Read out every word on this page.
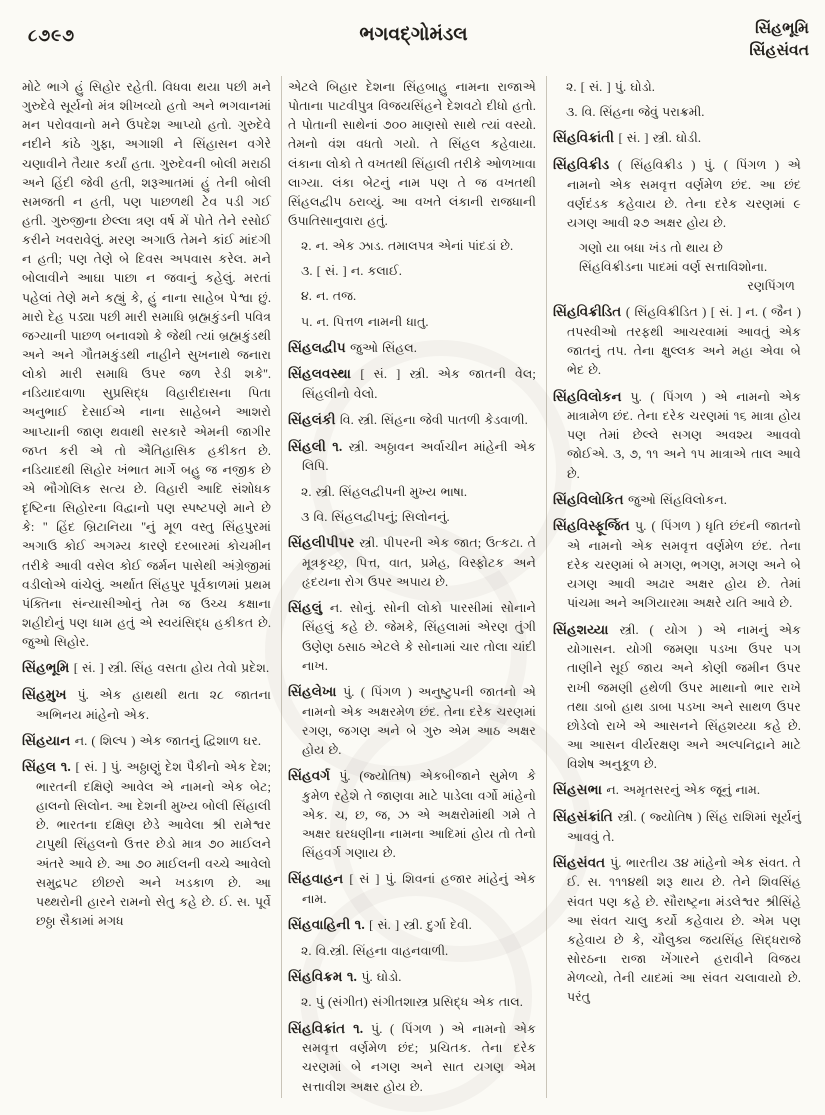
૮૭૯૭	ભગવદ્ગોમંડલ	સિંહભૂમિ
સિંહસંવત
મોટે ભાગે હું સિહોર રહેતી. વિધવા થયા પછી મને ગુરુદેવે સૂર્યનો મંત્ર શીખવ્યો હતો અને ભગવાનમાં મન પરોવવાનો મને ઉપદેશ આપ્યો હતો. ગુરુદેવે નદીને કાંઠે ગુફા, અગાશી ને સિંહાસન વગેરે ચણાવીને તૈયાર કર્યાં હતા. ગુરુદેવની બોલી મરાઠી અને હિંદી જેવી હતી, શરૂઆતમાં હું તેની બોલી સમજતી ન હતી, પણ પાછળથી ટેવ પડી ગઈ હતી. ગુરુજીના છેલ્લા ત્રણ વર્ષ મેં પોતે તેને રસોઈ કરીને ખવરાવેલું. મરણ અગાઉ તેમને કાંઈ માંદગી ન હતી; પણ તેણે બે દિવસ અપવાસ કરેલ. મને બોલાવીને આઘા પાછા ન જવાનું કહેલું. મરતાં પહેલાં તેણે મને કહ્યું કે, હું નાના સાહેબ પેશ્વા છું. મારો દેહ પડ્યા પછી મારી સમાધિ બ્રહ્મકુંડની પવિત્ર જગ્યાની પાછળ બનાવશો કે જેથી ત્યાં બ્રહ્મકુંડથી અને અને ગૌતમકુંડથી નાહીને સુખનાથે જનારા લોકો મારી સમાધિ ઉપર જળ રેડી શકે''. નડિયાદવાળા સુપ્રસિદ્ધ વિહારીદાસના પિતા અનુભાઈ દેસાઈએ નાના સાહેબને આશરો આપ્યાની જાણ થવાથી સરકારે એમની જાગીર જપ્ત કરી એ તો ઐતિહાસિક હકીકત છે. નડિયાદથી સિહોર ખંભાત માર્ગે બહુ જ નજીક છે એ ભૌગોલિક સત્ય છે. વિહારી આદિ સંશોધક દૃષ્ટિના સિહોરના વિદ્વાનો પણ સ્પષ્ટપણે માને છે કે: '' હિંદ બ્રિટાનિયા ''નું મૂળ વસ્તુ સિંહપુરમાં અગાઉ કોઈ અગમ્ય કારણે દરબારમાં કોચમીન તરીકે આવી વસેલ કોઈ જર્મન પાસેથી અંગ્રેજીમાં વડીલોએ વાંચેલું. અર્થાત સિંહપુર પૂર્વકાળમાં પ્રથમ પંક્તિના સંન્યાસીઓનું તેમ જ ઉચ્ચ કક્ષાના શહીદોનું પણ ધામ હતું એ સ્વયંસિદ્ધ હકીકત છે. જુઓ સિહોર.
સિંહભૂમિ [ સં. ] સ્ત્રી. સિંહ વસતા હોય તેવો પ્રદેશ.
સિંહમુખ પું. એક હાથથી થતા ૨૮ જાતના અભિનય માંહેનો એક.
સિંહયાન ન. ( શિલ્પ ) એક જાતનું દ્વિશાળ ઘર.
સિંહલ ૧. [ સં. ] પું. અઠ્ઠાણું દેશ પૈકીનો એક દેશ; ભારતની દક્ષિણે આવેલ એ નામનો એક બેટ; હાલનો સિલોન. આ દેશની મુખ્ય બોલી સિંહાલી છે. ભારતના દક્ષિણ છેડે આવેલા શ્રી રામેશ્વર ટાપુથી સિંહલનો ઉત્તર છેડો માત્ર ૭૦ માઈલને અંતરે આવે છે. આ ૭૦ માઈલની વચ્ચે આવેલો સમુદ્રપટ છીછરો અને ખડકાળ છે. આ પથ્થરોની હારને રામનો સેતુ કહે છે. ઈ. સ. પૂર્વે છઠ્ઠા સૈકામાં મગધ
એટલે બિહાર દેશના સિંહબાહુ નામના રાજાએ પોતાના પાટવીપુત્ર વિજયસિંહને દેશવટો દીધો હતો. તે પોતાની સાથેનાં ૭૦૦ માણસો સાથે ત્યાં વસ્યો. તેમનો વંશ વધતો ગયો. તે સિંહલ કહેવાયા. લંકાના લોકો તે વખતથી સિંહાલી તરીકે ઓળખાવા લાગ્યા. લંકા બેટનું નામ પણ તે જ વખતથી સિંહલદ્વીપ ઠરાવ્યું. આ વખતે લંકાની રાજધાની ઉપાતિસાનુવારા હતું.
૨. ન. એક ઝાડ. તમાલપત્ર એનાં પાંદડાં છે.
૩. [ સં. ] ન. કલાઈ.
૪. ન. તજ.
૫. ન. પિત્તળ નામની ધાતુ.
સિંહલદ્વીપ જુઓ સિંહલ.
સિંહલવસ્થા [ સં. ] સ્ત્રી. એક જાતની વેલ; સિંહલીનો વેલો.
સિંહલંકી વિ. સ્ત્રી. સિંહના જેવી પાતળી કેડવાળી.
સિંહલી ૧. સ્ત્રી. અઠ્ઠાવન અર્વાચીન માંહેની એક લિપિ.
૨. સ્ત્રી. સિંહલદ્વીપની મુખ્ય ભાષા.
૩ વિ. સિંહલદ્વીપનું; સિલોનનું.
સિંહલીપીપર સ્ત્રી. પીપરની એક જાત; ઉત્કટા. તે મૂત્રકૃચ્છ્ર, પિત્ત, વાત, પ્રમેહ, વિસ્ફોટક અને હૃદયના રોગ ઉપર અપાય છે.
સિંહલું ન. સોનું. સોની લોકો પારસીમાં સોનાને સિંહલું કહે છે. જેમકે, સિંહલામાં એરણ તુંગી ઉણેણ ઠસાઠ એટલે કે સોનામાં ચાર તોલા ચાંદી નાખ.
સિંહલેખા પું. ( પિંગળ ) અનુષ્ટુપની જાતનો એ નામનો એક અક્ષરમેળ છંદ. તેના દરેક ચરણમાં રગણ, જગણ અને બે ગુરુ એમ આઠ અક્ષર હોય છે.
સિંહવર્ગ પું. (જ્યોતિષ) એકબીજાને સુમેળ કે કુમેળ રહેશે તે જાણવા માટે પાડેલા વર્ગો માંહેનો એક. ચ, છ, જ, ઝ એ અક્ષરોમાંથી ગમે તે અક્ષર ઘરધણીના નામના આદિમાં હોય તો તેનો સિંહવર્ગ ગણાય છે.
સિંહવાહન [ સં ] પું. શિવનાં હજાર માંહેનું એક નામ.
સિંહવાહિની ૧. [ સં. ] સ્ત્રી. દુર્ગા દેવી.
૨. વિ.સ્ત્રી. સિંહના વાહનવાળી.
સિંહવિક્રમ ૧. પું. ઘોડો.
૨. પું (સંગીત) સંગીતશાસ્ત્ર પ્રસિદ્ધ એક તાલ.
સિંહવિક્રાંત ૧. પું. ( પિંગળ ) એ નામનો એક સમવૃત્ત વર્ણમેળ છંદ; પ્રચિતક. તેના દરેક ચરણમાં બે નગણ અને સાત યગણ એમ સત્તાવીશ અક્ષર હોય છે.
૨. [ સં. ] પું. ઘોડો.
૩. વિ. સિંહના જેવું પરાક્રમી.
સિંહવિક્રાંતી [ સં. ] સ્ત્રી. ઘોડી.
સિંહવિક્રીડ ( સિંહવિક્રીડ ) પું. ( પિંગળ ) એ નામનો એક સમવૃત્ત વર્ણમેળ છંદ. આ છંદ વર્ણદંડક કહેવાય છે. તેના દરેક ચરણમાં ૯ યગણ આવી ૨૭ અક્ષર હોય છે.
ગણો યા બધા ખંડ તો થાય છે
સિંહવિક્રીડના પાદમાં વર્ણ સત્તાવિશોના.
રણપિંગળ
સિંહવિક્રીડિત ( સિંહવિક્રીડિત ) [ સં. ] ન. ( જૈન ) તપસ્વીઓ તરફથી આચરવામાં આવતું એક જાતનું તપ. તેના ક્ષુલ્લક અને મહા એવા બે ભેદ છે.
સિંહવિલોકન પુ. ( પિંગળ ) એ નામનો એક માત્રામેળ છંદ. તેના દરેક ચરણમાં ૧૬ માત્રા હોય પણ તેમાં છેલ્લે સગણ અવશ્ય આવવો જોઈએ. ૩, ૭, ૧૧ અને ૧૫ માત્રાએ તાલ આવે છે.
સિંહવિલોકિત જુઓ સિંહવિલોકન.
સિંહવિસ્ફૂર્જિત પુ. ( પિંગળ ) ધૃતિ છંદની જાતનો એ નામનો એક સમવૃત્ત વર્ણમેળ છંદ. તેના દરેક ચરણમાં બે મગણ, ભગણ, મગણ અને બે યગણ આવી અઢાર અક્ષર હોય છે. તેમાં પાંચમા અને અગિયારમા અક્ષરે યતિ આવે છે.
સિંહશય્યા સ્ત્રી. ( યોગ ) એ નામનું એક યોગાસન. યોગી જમણા પડખા ઉપર પગ તાણીને સૂઈ જાય અને કોણી જમીન ઉપર રાખી જમણી હથેળી ઉપર માથાનો ભાર રાખે તથા ડાબો હાથ ડાબા પડખા અને સાથળ ઉપર છોડેલો રાખે એ આસનને સિંહશય્યા કહે છે. આ આસન વીર્યરક્ષણ અને અલ્પનિદ્રાને માટે વિશેષ અનુકૂળ છે.
સિંહસભા ન. અમૃતસરનું એક જૂનું નામ.
સિંહસંક્રાંતિ સ્ત્રી. ( જ્યોતિષ ) સિંહ રાશિમાં સૂર્યનું આવવું તે.
સિંહસંવત પું. ભારતીય ૩૪ માંહેનો એક સંવત. તે ઈ. સ. ૧૧૧૪થી શરૂ થાય છે. તેને શિવસિંહ સંવત પણ કહે છે. સૌરાષ્ટ્રના મંડલેશ્વર શ્રીસિંહે આ સંવત ચાલુ કર્યો કહેવાય છે. એમ પણ કહેવાય છે કે, ચૌલુક્ય જયસિંહ સિદ્ધરાજે સોરઠના રાજા ખેંગારને હરાવીને વિજય મેળવ્યો, તેની યાદમાં આ સંવત ચલાવાયો છે. પરંતુ
